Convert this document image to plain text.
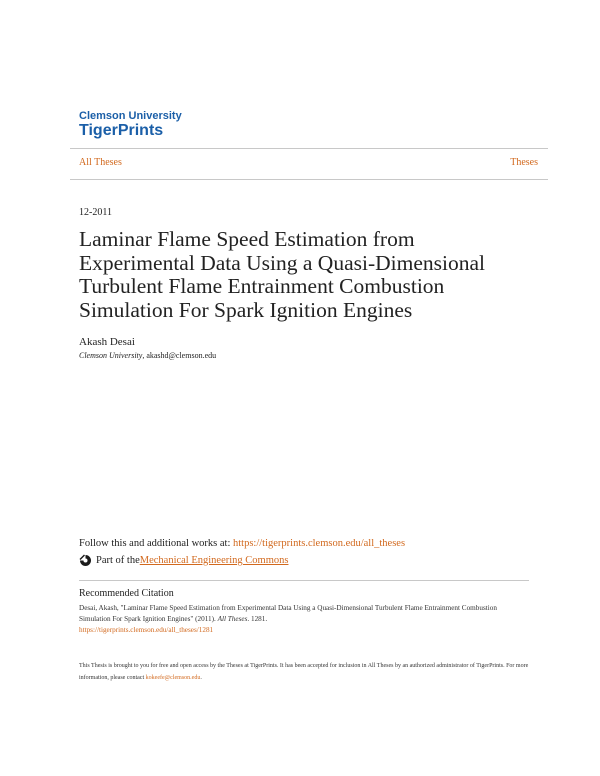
Clemson University
TigerPrints
All Theses	Theses
12-2011
Laminar Flame Speed Estimation from
Experimental Data Using a Quasi-Dimensional
Turbulent Flame Entrainment Combustion
Simulation For Spark Ignition Engines
Akash Desai
Clemson University, akashd@clemson.edu
Follow this and additional works at: https://tigerprints.clemson.edu/all_theses
Part of the Mechanical Engineering Commons
Recommended Citation
Desai, Akash, "Laminar Flame Speed Estimation from Experimental Data Using a Quasi-Dimensional Turbulent Flame Entrainment Combustion Simulation For Spark Ignition Engines" (2011). All Theses. 1281.
https://tigerprints.clemson.edu/all_theses/1281
This Thesis is brought to you for free and open access by the Theses at TigerPrints. It has been accepted for inclusion in All Theses by an authorized administrator of TigerPrints. For more information, please contact kokeefe@clemson.edu.
